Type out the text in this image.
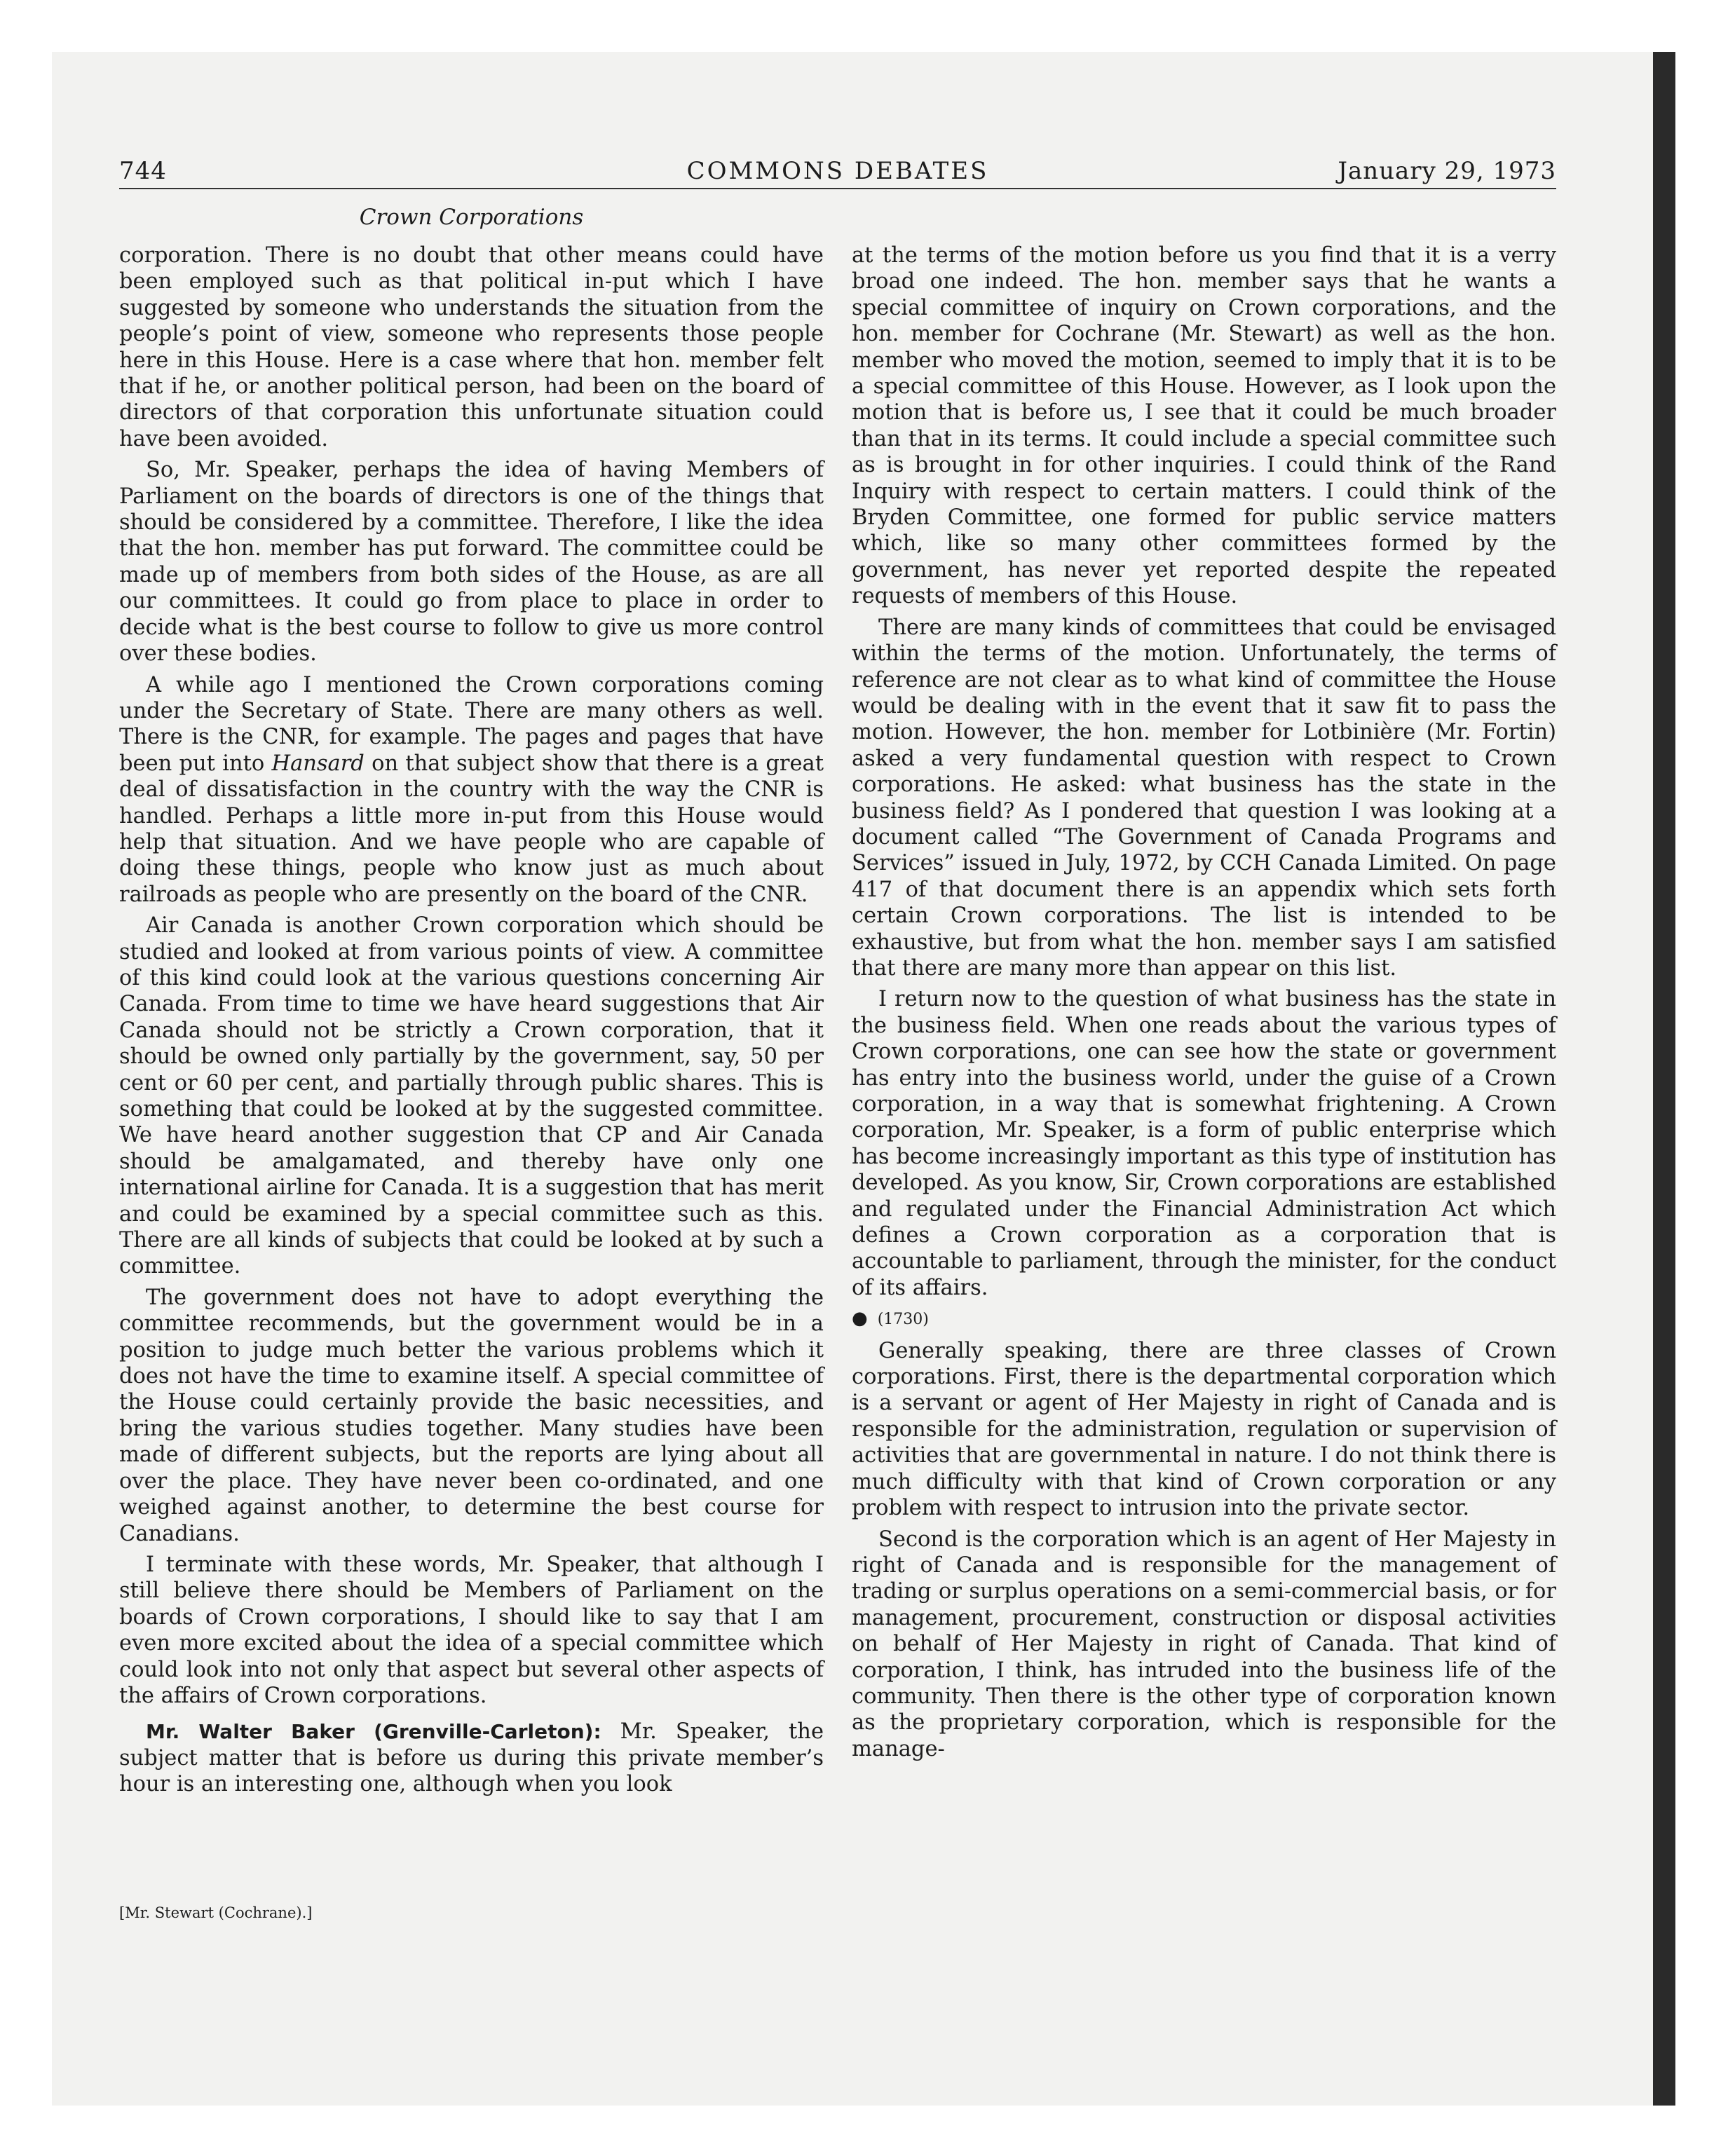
744	COMMONS DEBATES	January 29, 1973
Crown Corporations

corporation. There is no doubt that other means could have been employed such as that political in-put which I have suggested by someone who understands the situation from the people’s point of view, someone who represents those people here in this House. Here is a case where that hon. member felt that if he, or another political person, had been on the board of directors of that corporation this unfortunate situation could have been avoided.

So, Mr. Speaker, perhaps the idea of having Members of Parliament on the boards of directors is one of the things that should be considered by a committee. Therefore, I like the idea that the hon. member has put forward. The committee could be made up of members from both sides of the House, as are all our committees. It could go from place to place in order to decide what is the best course to follow to give us more control over these bodies.

A while ago I mentioned the Crown corporations coming under the Secretary of State. There are many others as well. There is the CNR, for example. The pages and pages that have been put into Hansard on that subject show that there is a great deal of dissatisfaction in the country with the way the CNR is handled. Perhaps a little more in-put from this House would help that situation. And we have people who are capable of doing these things, people who know just as much about railroads as people who are presently on the board of the CNR.

Air Canada is another Crown corporation which should be studied and looked at from various points of view. A committee of this kind could look at the various questions concerning Air Canada. From time to time we have heard suggestions that Air Canada should not be strictly a Crown corporation, that it should be owned only partially by the government, say, 50 per cent or 60 per cent, and partially through public shares. This is something that could be looked at by the suggested committee. We have heard another suggestion that CP and Air Canada should be amalgamated, and thereby have only one international airline for Canada. It is a suggestion that has merit and could be examined by a special committee such as this. There are all kinds of subjects that could be looked at by such a committee.

The government does not have to adopt everything the committee recommends, but the government would be in a position to judge much better the various problems which it does not have the time to examine itself. A special committee of the House could certainly provide the basic necessities, and bring the various studies together. Many studies have been made of different subjects, but the reports are lying about all over the place. They have never been co-ordinated, and one weighed against another, to determine the best course for Canadians.

I terminate with these words, Mr. Speaker, that although I still believe there should be Members of Parliament on the boards of Crown corporations, I should like to say that I am even more excited about the idea of a special committee which could look into not only that aspect but several other aspects of the affairs of Crown corporations.

Mr. Walter Baker (Grenville-Carleton): Mr. Speaker, the subject matter that is before us during this private member’s hour is an interesting one, although when you look

at the terms of the motion before us you find that it is a verry broad one indeed. The hon. member says that he wants a special committee of inquiry on Crown corporations, and the hon. member for Cochrane (Mr. Stewart) as well as the hon. member who moved the motion, seemed to imply that it is to be a special committee of this House. However, as I look upon the motion that is before us, I see that it could be much broader than that in its terms. It could include a special committee such as is brought in for other inquiries. I could think of the Rand Inquiry with respect to certain matters. I could think of the Bryden Committee, one formed for public service matters which, like so many other committees formed by the government, has never yet reported despite the repeated requests of members of this House.

There are many kinds of committees that could be envisaged within the terms of the motion. Unfortunately, the terms of reference are not clear as to what kind of committee the House would be dealing with in the event that it saw fit to pass the motion. However, the hon. member for Lotbinière (Mr. Fortin) asked a very fundamental question with respect to Crown corporations. He asked: what business has the state in the business field? As I pondered that question I was looking at a document called “The Government of Canada Programs and Services” issued in July, 1972, by CCH Canada Limited. On page 417 of that document there is an appendix which sets forth certain Crown corporations. The list is intended to be exhaustive, but from what the hon. member says I am satisfied that there are many more than appear on this list.

I return now to the question of what business has the state in the business field. When one reads about the various types of Crown corporations, one can see how the state or government has entry into the business world, under the guise of a Crown corporation, in a way that is somewhat frightening. A Crown corporation, Mr. Speaker, is a form of public enterprise which has become increasingly important as this type of institution has developed. As you know, Sir, Crown corporations are established and regulated under the Financial Administration Act which defines a Crown corporation as a corporation that is accountable to parliament, through the minister, for the conduct of its affairs.

● (1730)

Generally speaking, there are three classes of Crown corporations. First, there is the departmental corporation which is a servant or agent of Her Majesty in right of Canada and is responsible for the administration, regulation or supervision of activities that are governmental in nature. I do not think there is much difficulty with that kind of Crown corporation or any problem with respect to intrusion into the private sector.

Second is the corporation which is an agent of Her Majesty in right of Canada and is responsible for the management of trading or surplus operations on a semi-commercial basis, or for management, procurement, construction or disposal activities on behalf of Her Majesty in right of Canada. That kind of corporation, I think, has intruded into the business life of the community. Then there is the other type of corporation known as the proprietary corporation, which is responsible for the manage-

[Mr. Stewart (Cochrane).]
